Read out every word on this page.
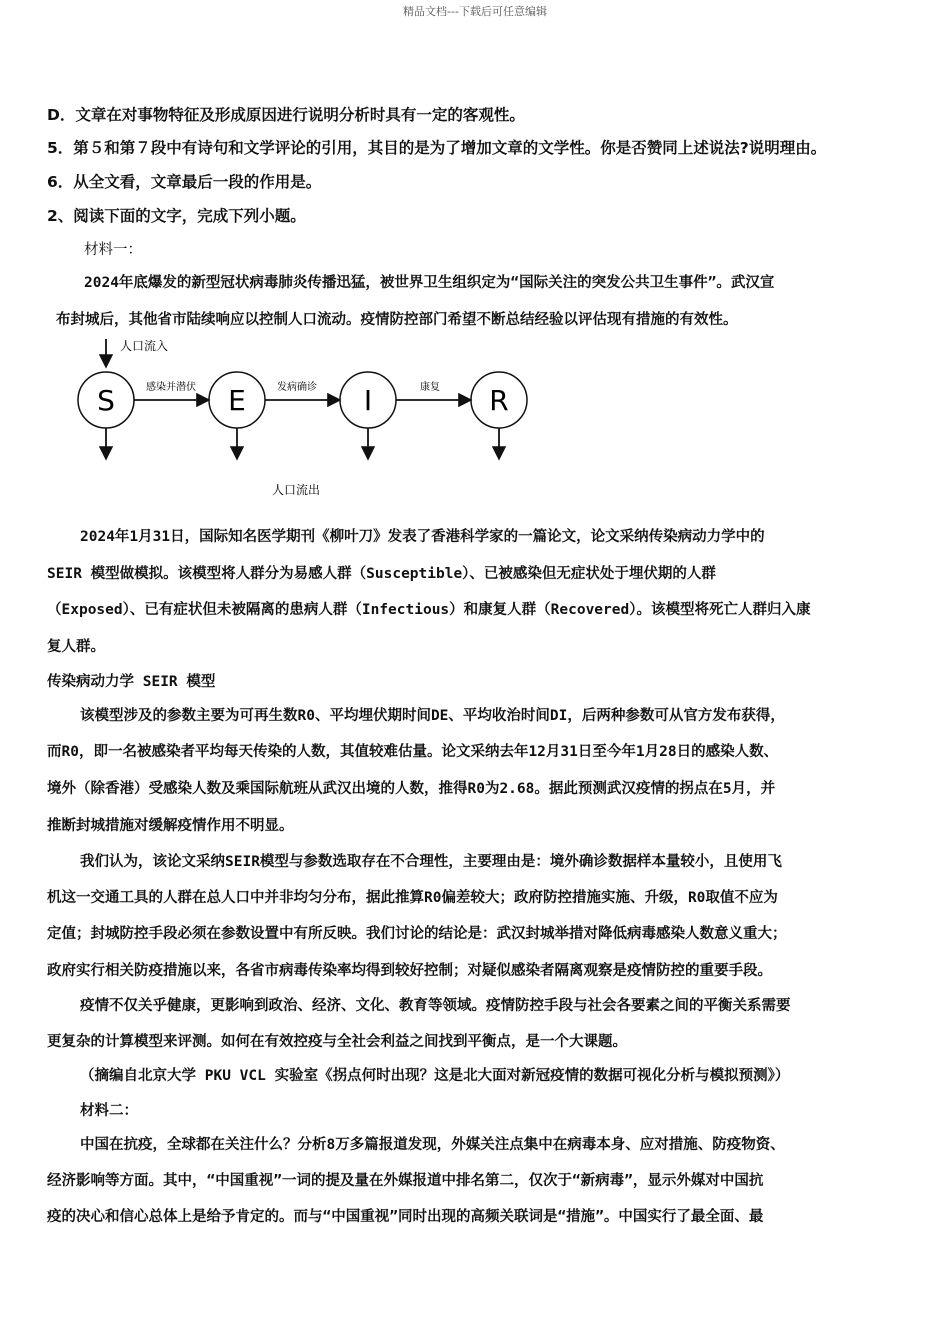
精品文档---下载后可任意编辑
D．文章在对事物特征及形成原因进行说明分析时具有一定的客观性。
5．第５和第７段中有诗句和文学评论的引用，其目的是为了增加文章的文学性。你是否赞同上述说法?说明理由。
6．从全文看，文章最后一段的作用是。
2、阅读下面的文字，完成下列小题。
材料一：
2024年底爆发的新型冠状病毒肺炎传播迅猛，被世界卫生组织定为“国际关注的突发公共卫生事件”。武汉宣
布封城后，其他省市陆续响应以控制人口流动。疫情防控部门希望不断总结经验以评估现有措施的有效性。
人口流入
S	E	I	R
感染并潜伏	发病确诊	康复
人口流出
2024年1月31日，国际知名医学期刊《柳叶刀》发表了香港科学家的一篇论文，论文采纳传染病动力学中的
SEIR 模型做模拟。该模型将人群分为易感人群（Susceptible）、已被感染但无症状处于埋伏期的人群
（Exposed）、已有症状但未被隔离的患病人群（Infectious）和康复人群（Recovered）。该模型将死亡人群归入康
复人群。
传染病动力学 SEIR 模型
该模型涉及的参数主要为可再生数R0、平均埋伏期时间DE、平均收治时间DI，后两种参数可从官方发布获得，
而R0，即一名被感染者平均每天传染的人数，其值较难估量。论文采纳去年12月31日至今年1月28日的感染人数、
境外（除香港）受感染人数及乘国际航班从武汉出境的人数，推得R0为2.68。据此预测武汉疫情的拐点在5月，并
推断封城措施对缓解疫情作用不明显。
我们认为，该论文采纳SEIR模型与参数选取存在不合理性，主要理由是：境外确诊数据样本量较小，且使用飞
机这一交通工具的人群在总人口中并非均匀分布，据此推算R0偏差较大；政府防控措施实施、升级，R0取值不应为
定值；封城防控手段必须在参数设置中有所反映。我们讨论的结论是：武汉封城举措对降低病毒感染人数意义重大；
政府实行相关防疫措施以来，各省市病毒传染率均得到较好控制；对疑似感染者隔离观察是疫情防控的重要手段。
疫情不仅关乎健康，更影响到政治、经济、文化、教育等领域。疫情防控手段与社会各要素之间的平衡关系需要
更复杂的计算模型来评测。如何在有效控疫与全社会利益之间找到平衡点，是一个大课题。
（摘编自北京大学 PKU VCL 实验室《拐点何时出现？这是北大面对新冠疫情的数据可视化分析与模拟预测》）
材料二：
中国在抗疫，全球都在关注什么？分析8万多篇报道发现，外媒关注点集中在病毒本身、应对措施、防疫物资、
经济影响等方面。其中，“中国重视”一词的提及量在外媒报道中排名第二，仅次于“新病毒”，显示外媒对中国抗
疫的决心和信心总体上是给予肯定的。而与“中国重视”同时出现的高频关联词是“措施”。中国实行了最全面、最
